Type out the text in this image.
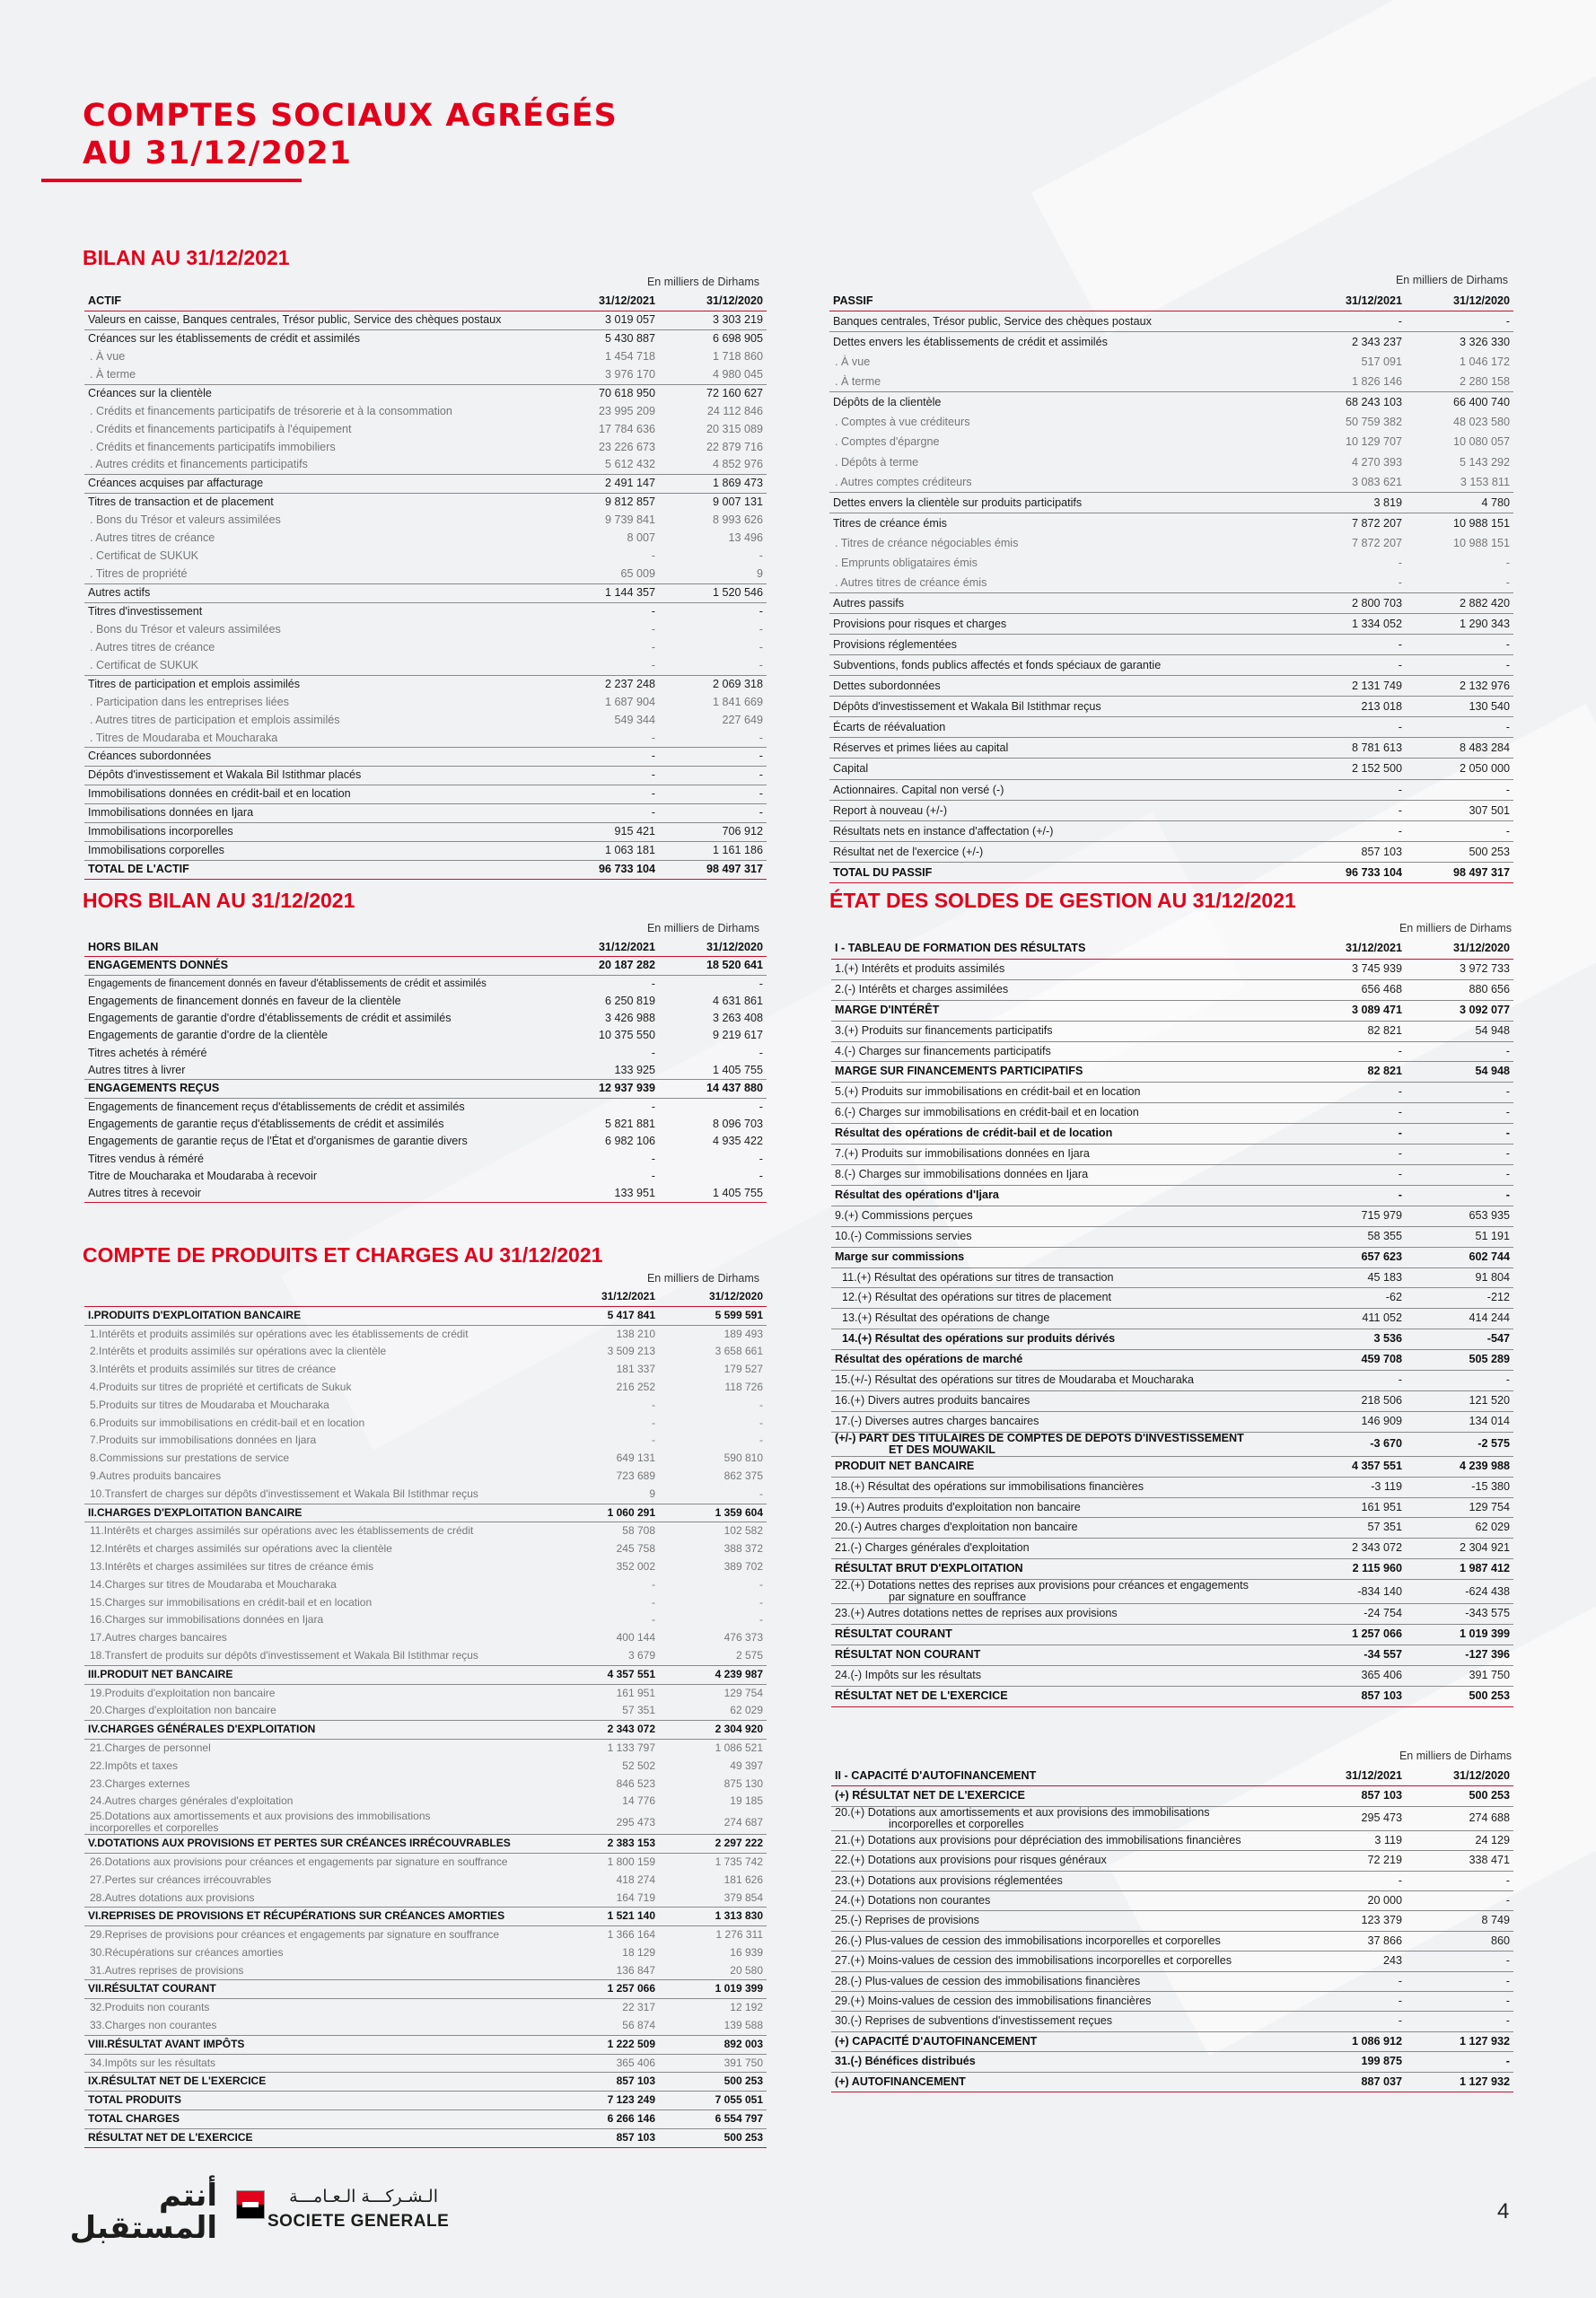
COMPTES SOCIAUX AGRÉGÉS
AU 31/12/2021
BILAN AU 31/12/2021
En milliers de Dirhams
ACTIF	31/12/2021	31/12/2020
Valeurs en caisse, Banques centrales, Trésor public, Service des chèques postaux	3 019 057	3 303 219
Créances sur les établissements de crédit et assimilés	5 430 887	6 698 905
. À vue	1 454 718	1 718 860
. À terme	3 976 170	4 980 045
Créances sur la clientèle	70 618 950	72 160 627
. Crédits et financements participatifs de trésorerie et à la consommation	23 995 209	24 112 846
. Crédits et financements participatifs à l'équipement	17 784 636	20 315 089
. Crédits et financements participatifs immobiliers	23 226 673	22 879 716
. Autres crédits et financements participatifs	5 612 432	4 852 976
Créances acquises par affacturage	2 491 147	1 869 473
Titres de transaction et de placement	9 812 857	9 007 131
. Bons du Trésor et valeurs assimilées	9 739 841	8 993 626
. Autres titres de créance	8 007	13 496
. Certificat de SUKUK	-	-
. Titres de propriété	65 009	9
Autres actifs	1 144 357	1 520 546
Titres d'investissement	-	-
. Bons du Trésor et valeurs assimilées	-	-
. Autres titres de créance	-	-
. Certificat de SUKUK	-	-
Titres de participation et emplois assimilés	2 237 248	2 069 318
. Participation dans les entreprises liées	1 687 904	1 841 669
. Autres titres de participation et emplois assimilés	549 344	227 649
. Titres de Moudaraba et Moucharaka	-	-
Créances subordonnées	-	-
Dépôts d'investissement et Wakala Bil Istithmar placés	-	-
Immobilisations données en crédit-bail et en location	-	-
Immobilisations données en Ijara	-	-
Immobilisations incorporelles	915 421	706 912
Immobilisations corporelles	1 063 181	1 161 186
TOTAL DE L'ACTIF	96 733 104	98 497 317
En milliers de Dirhams
PASSIF	31/12/2021	31/12/2020
Banques centrales, Trésor public, Service des chèques postaux	-	-
Dettes envers les établissements de crédit et assimilés	2 343 237	3 326 330
. À vue	517 091	1 046 172
. À terme	1 826 146	2 280 158
Dépôts de la clientèle	68 243 103	66 400 740
. Comptes à vue créditeurs	50 759 382	48 023 580
. Comptes d'épargne	10 129 707	10 080 057
. Dépôts à terme	4 270 393	5 143 292
. Autres comptes créditeurs	3 083 621	3 153 811
Dettes envers la clientèle sur produits participatifs	3 819	4 780
Titres de créance émis	7 872 207	10 988 151
. Titres de créance négociables émis	7 872 207	10 988 151
. Emprunts obligataires émis	-	-
. Autres titres de créance émis	-	-
Autres passifs	2 800 703	2 882 420
Provisions pour risques et charges	1 334 052	1 290 343
Provisions réglementées	-	-
Subventions, fonds publics affectés et fonds spéciaux de garantie	-	-
Dettes subordonnées	2 131 749	2 132 976
Dépôts d'investissement et Wakala Bil Istithmar reçus	213 018	130 540
Écarts de réévaluation	-	-
Réserves et primes liées au capital	8 781 613	8 483 284
Capital	2 152 500	2 050 000
Actionnaires. Capital non versé (-)	-	-
Report à nouveau (+/-)	-	307 501
Résultats nets en instance d'affectation (+/-)	-	-
Résultat net de l'exercice (+/-)	857 103	500 253
TOTAL DU PASSIF	96 733 104	98 497 317
HORS BILAN AU 31/12/2021
En milliers de Dirhams
HORS BILAN	31/12/2021	31/12/2020
ENGAGEMENTS DONNÉS	20 187 282	18 520 641
Engagements de financement donnés en faveur d'établissements de crédit et assimilés	-	-
Engagements de financement donnés en faveur de la clientèle	6 250 819	4 631 861
Engagements de garantie d'ordre d'établissements de crédit et assimilés	3 426 988	3 263 408
Engagements de garantie d'ordre de la clientèle	10 375 550	9 219 617
Titres achetés à réméré	-	-
Autres titres à livrer	133 925	1 405 755
ENGAGEMENTS REÇUS	12 937 939	14 437 880
Engagements de financement reçus d'établissements de crédit et assimilés	-	-
Engagements de garantie reçus d'établissements de crédit et assimilés	5 821 881	8 096 703
Engagements de garantie reçus de l'État et d'organismes de garantie divers	6 982 106	4 935 422
Titres vendus à réméré	-	-
Titre de Moucharaka et Moudaraba à recevoir	-	-
Autres titres à recevoir	133 951	1 405 755
COMPTE DE PRODUITS ET CHARGES AU 31/12/2021
En milliers de Dirhams
	31/12/2021	31/12/2020
I.PRODUITS D'EXPLOITATION BANCAIRE	5 417 841	5 599 591
1.Intérêts et produits assimilés sur opérations avec les établissements de crédit	138 210	189 493
2.Intérêts et produits assimilés sur opérations avec la clientèle	3 509 213	3 658 661
3.Intérêts et produits assimilés sur titres de créance	181 337	179 527
4.Produits sur titres de propriété et certificats de Sukuk	216 252	118 726
5.Produits sur titres de Moudaraba et Moucharaka	-	-
6.Produits sur immobilisations en crédit-bail et en location	-	-
7.Produits sur immobilisations données en Ijara	-	-
8.Commissions sur prestations de service	649 131	590 810
9.Autres produits bancaires	723 689	862 375
10.Transfert de charges sur dépôts d'investissement et Wakala Bil Istithmar reçus	9	-
II.CHARGES D'EXPLOITATION BANCAIRE	1 060 291	1 359 604
11.Intérêts et charges assimilés sur opérations avec les établissements de crédit	58 708	102 582
12.Intérêts et charges assimilés sur opérations avec la clientèle	245 758	388 372
13.Intérêts et charges assimilées sur titres de créance émis	352 002	389 702
14.Charges sur titres de Moudaraba et Moucharaka	-	-
15.Charges sur immobilisations en crédit-bail et en location	-	-
16.Charges sur immobilisations données en Ijara	-	-
17.Autres charges bancaires	400 144	476 373
18.Transfert de produits sur dépôts d'investissement et Wakala Bil Istithmar reçus	3 679	2 575
III.PRODUIT NET BANCAIRE	4 357 551	4 239 987
19.Produits d'exploitation non bancaire	161 951	129 754
20.Charges d'exploitation non bancaire	57 351	62 029
IV.CHARGES GÉNÉRALES D'EXPLOITATION	2 343 072	2 304 920
21.Charges de personnel	1 133 797	1 086 521
22.Impôts et taxes	52 502	49 397
23.Charges externes	846 523	875 130
24.Autres charges générales d'exploitation	14 776	19 185
25.Dotations aux amortissements et aux provisions des immobilisations
incorporelles et corporelles	295 473	274 687
V.DOTATIONS AUX PROVISIONS ET PERTES SUR CRÉANCES IRRÉCOUVRABLES	2 383 153	2 297 222
26.Dotations aux provisions pour créances et engagements par signature en souffrance	1 800 159	1 735 742
27.Pertes sur créances irrécouvrables	418 274	181 626
28.Autres dotations aux provisions	164 719	379 854
VI.REPRISES DE PROVISIONS ET RÉCUPÉRATIONS SUR CRÉANCES AMORTIES	1 521 140	1 313 830
29.Reprises de provisions pour créances et engagements par signature en souffrance	1 366 164	1 276 311
30.Récupérations sur créances amorties	18 129	16 939
31.Autres reprises de provisions	136 847	20 580
VII.RÉSULTAT COURANT	1 257 066	1 019 399
32.Produits non courants	22 317	12 192
33.Charges non courantes	56 874	139 588
VIII.RÉSULTAT AVANT IMPÔTS	1 222 509	892 003
34.Impôts sur les résultats	365 406	391 750
IX.RÉSULTAT NET DE L'EXERCICE	857 103	500 253
TOTAL PRODUITS	7 123 249	7 055 051
TOTAL CHARGES	6 266 146	6 554 797
RÉSULTAT NET DE L'EXERCICE	857 103	500 253
ÉTAT DES SOLDES DE GESTION AU 31/12/2021
En milliers de Dirhams
I - TABLEAU DE FORMATION DES RÉSULTATS	31/12/2021	31/12/2020
1.(+) Intérêts et produits assimilés	3 745 939	3 972 733
2.(-) Intérêts et charges assimilées	656 468	880 656
MARGE D'INTÉRÊT	3 089 471	3 092 077
3.(+) Produits sur financements participatifs	82 821	54 948
4.(-) Charges sur financements participatifs	-	-
MARGE SUR FINANCEMENTS PARTICIPATIFS	82 821	54 948
5.(+) Produits sur immobilisations en crédit-bail et en location	-	-
6.(-) Charges sur immobilisations en crédit-bail et en location	-	-
Résultat des opérations de crédit-bail et de location	-	-
7.(+) Produits sur immobilisations données en Ijara	-	-
8.(-) Charges sur immobilisations données en Ijara	-	-
Résultat des opérations d'Ijara	-	-
9.(+) Commissions perçues	715 979	653 935
10.(-) Commissions servies	58 355	51 191
Marge sur commissions	657 623	602 744
11.(+) Résultat des opérations sur titres de transaction	45 183	91 804
12.(+) Résultat des opérations sur titres de placement	-62	-212
13.(+) Résultat des opérations de change	411 052	414 244
14.(+) Résultat des opérations sur produits dérivés	3 536	-547
Résultat des opérations de marché	459 708	505 289
15.(+/-) Résultat des opérations sur titres de Moudaraba et Moucharaka	-	-
16.(+) Divers autres produits bancaires	218 506	121 520
17.(-) Diverses autres charges bancaires	146 909	134 014
(+/-) PART DES TITULAIRES DE COMPTES DE DEPOTS D'INVESTISSEMENT
ET DES MOUWAKIL	-3 670	-2 575
PRODUIT NET BANCAIRE	4 357 551	4 239 988
18.(+) Résultat des opérations sur immobilisations financières	-3 119	-15 380
19.(+) Autres produits d'exploitation non bancaire	161 951	129 754
20.(-) Autres charges d'exploitation non bancaire	57 351	62 029
21.(-) Charges générales d'exploitation	2 343 072	2 304 921
RÉSULTAT BRUT D'EXPLOITATION	2 115 960	1 987 412
22.(+) Dotations nettes des reprises aux provisions pour créances et engagements
par signature en souffrance	-834 140	-624 438
23.(+) Autres dotations nettes de reprises aux provisions	-24 754	-343 575
RÉSULTAT COURANT	1 257 066	1 019 399
RÉSULTAT NON COURANT	-34 557	-127 396
24.(-) Impôts sur les résultats	365 406	391 750
RÉSULTAT NET DE L'EXERCICE	857 103	500 253
En milliers de Dirhams
II - CAPACITÉ D'AUTOFINANCEMENT	31/12/2021	31/12/2020
(+) RÉSULTAT NET DE L'EXERCICE	857 103	500 253
20.(+) Dotations aux amortissements et aux provisions des immobilisations
incorporelles et corporelles	295 473	274 688
21.(+) Dotations aux provisions pour dépréciation des immobilisations financières	3 119	24 129
22.(+) Dotations aux provisions pour risques généraux	72 219	338 471
23.(+) Dotations aux provisions réglementées	-	-
24.(+) Dotations non courantes	20 000	-
25.(-) Reprises de provisions	123 379	8 749
26.(-) Plus-values de cession des immobilisations incorporelles et corporelles	37 866	860
27.(+) Moins-values de cession des immobilisations incorporelles et corporelles	243	-
28.(-) Plus-values de cession des immobilisations financières	-	-
29.(+) Moins-values de cession des immobilisations financières	-	-
30.(-) Reprises de subventions d'investissement reçues	-	-
(+) CAPACITÉ D'AUTOFINANCEMENT	1 086 912	1 127 932
31.(-) Bénéfices distribués	199 875	-
(+) AUTOFINANCEMENT	887 037	1 127 932
أنتم
المستقبل
الـشـركـــة الـعـامـــة
SOCIETE GENERALE	4
